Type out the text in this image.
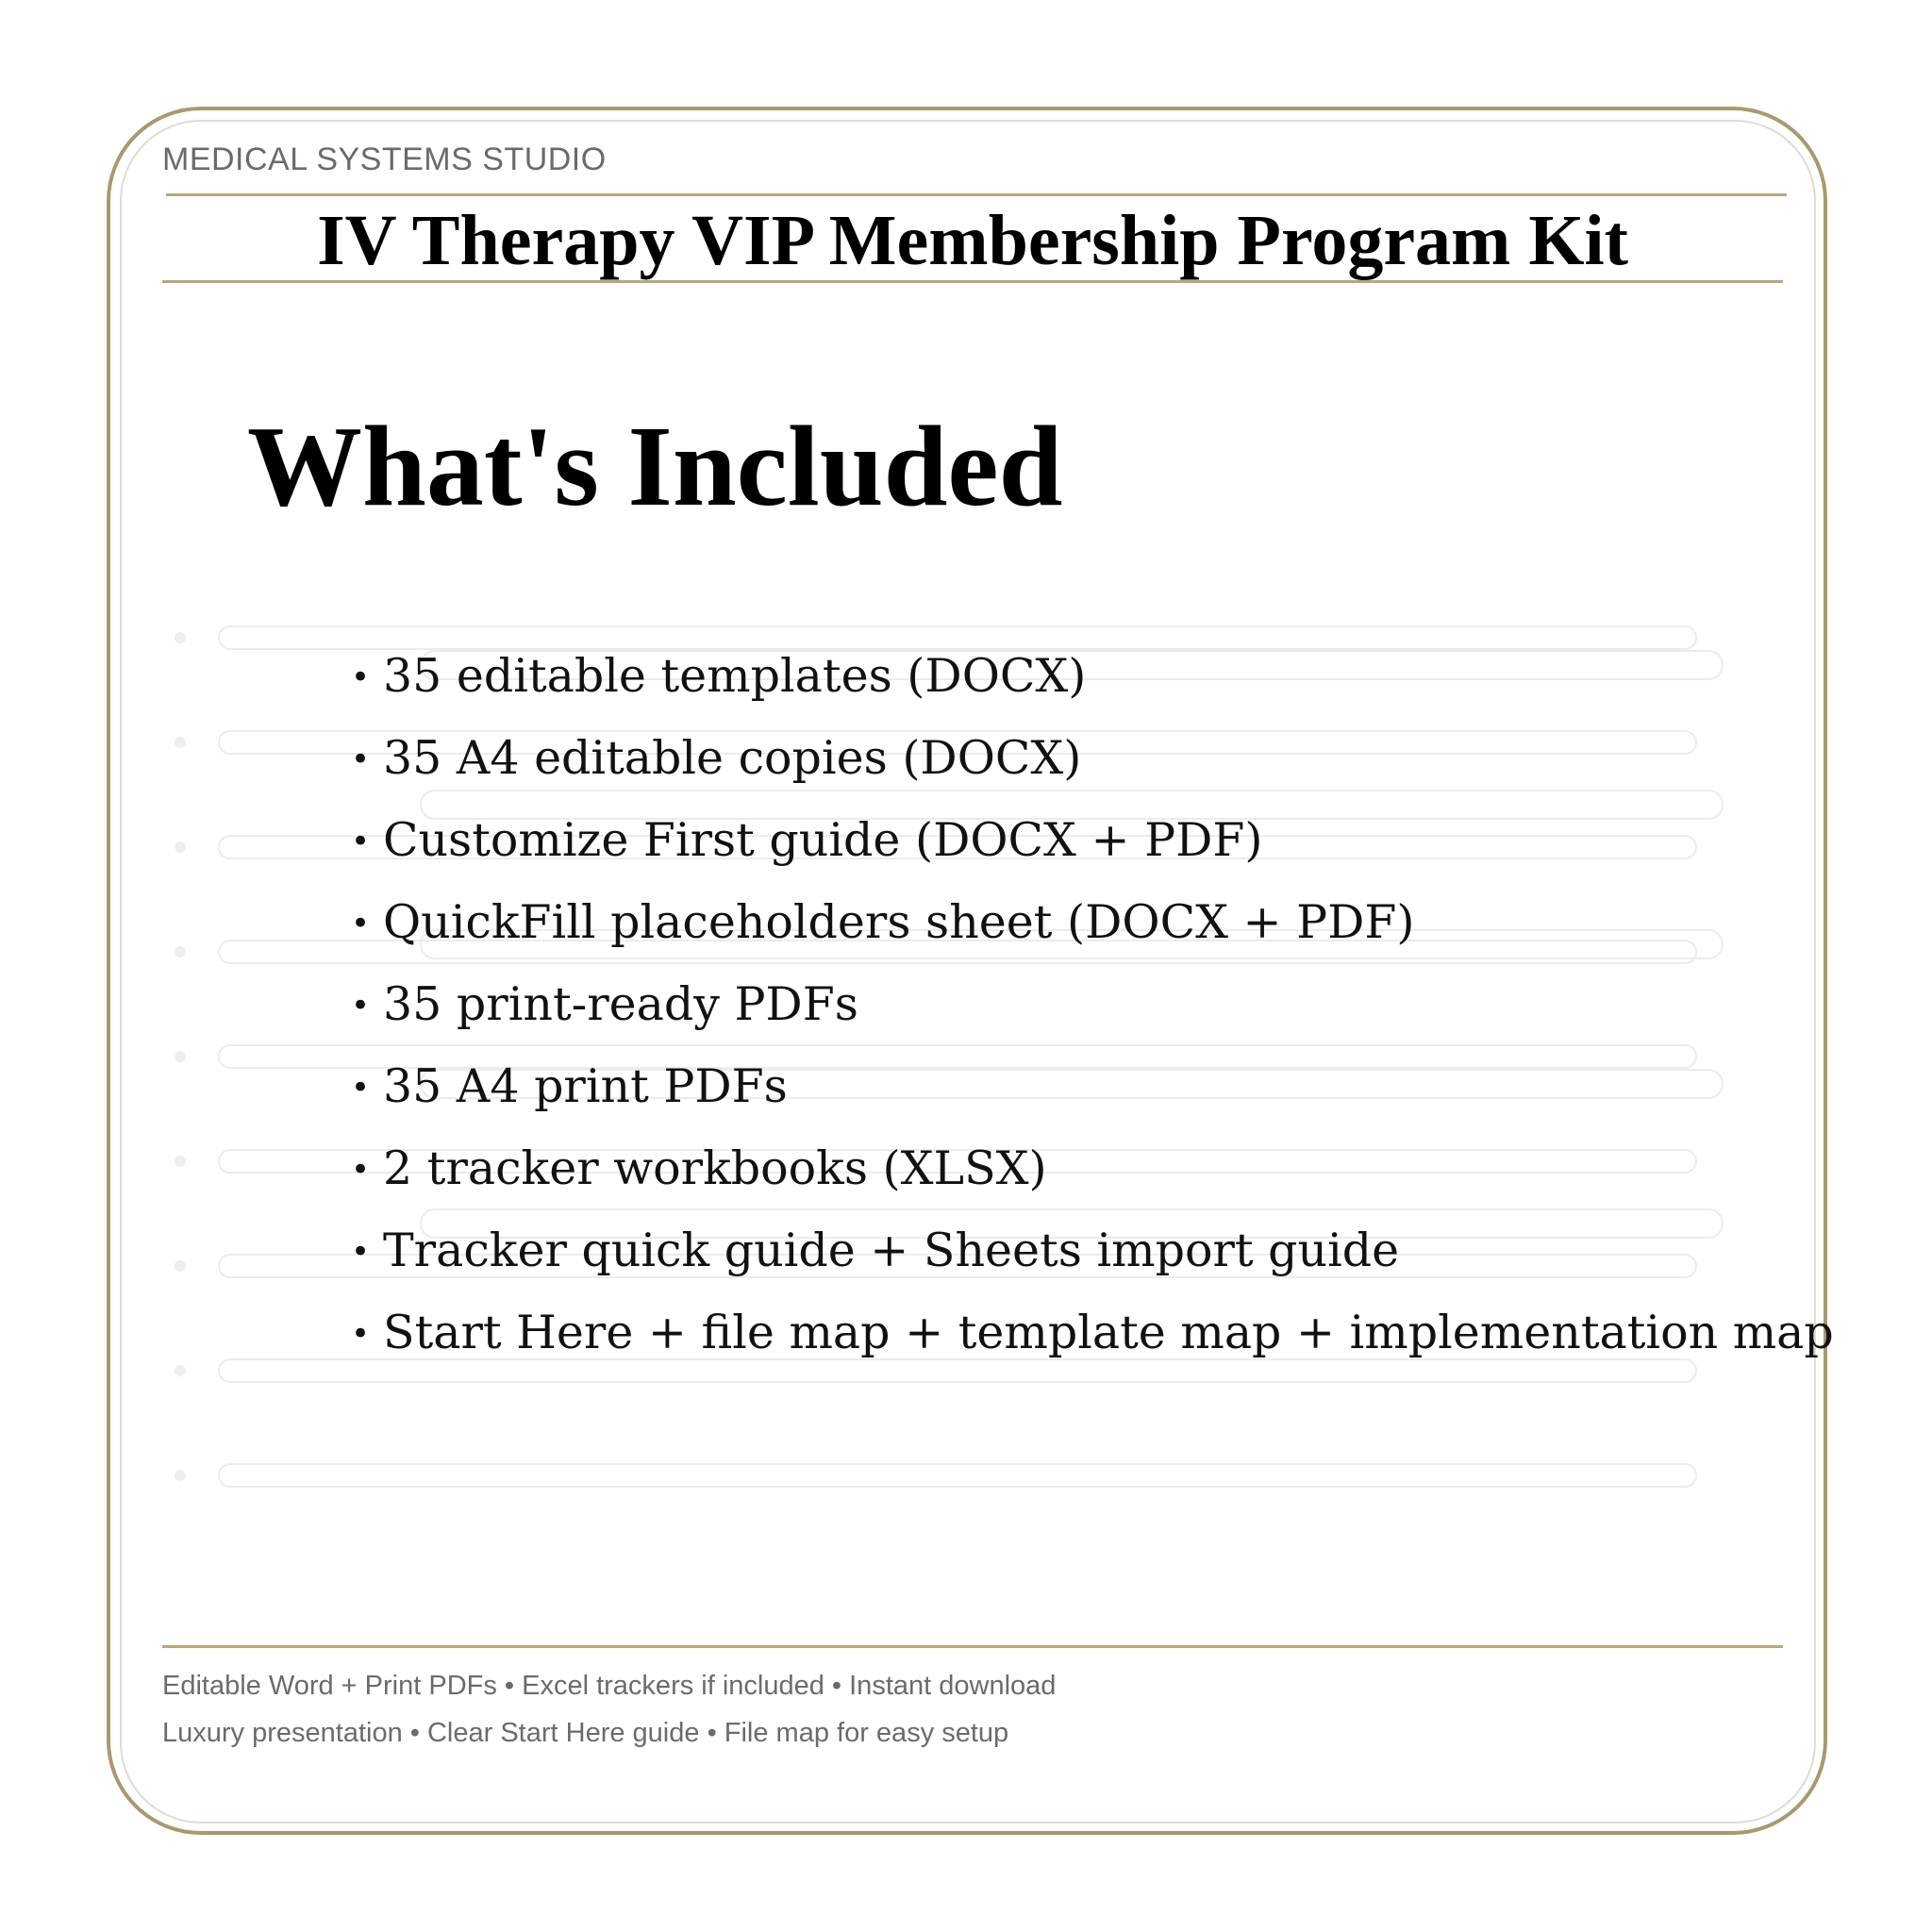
MEDICAL SYSTEMS STUDIO
IV Therapy VIP Membership Program Kit
What's Included
• 35 editable templates (DOCX)
• 35 A4 editable copies (DOCX)
• Customize First guide (DOCX + PDF)
• QuickFill placeholders sheet (DOCX + PDF)
• 35 print-ready PDFs
• 35 A4 print PDFs
• 2 tracker workbooks (XLSX)
• Tracker quick guide + Sheets import guide
• Start Here + file map + template map + implementation map
Editable Word + Print PDFs • Excel trackers if included • Instant download
Luxury presentation • Clear Start Here guide • File map for easy setup
